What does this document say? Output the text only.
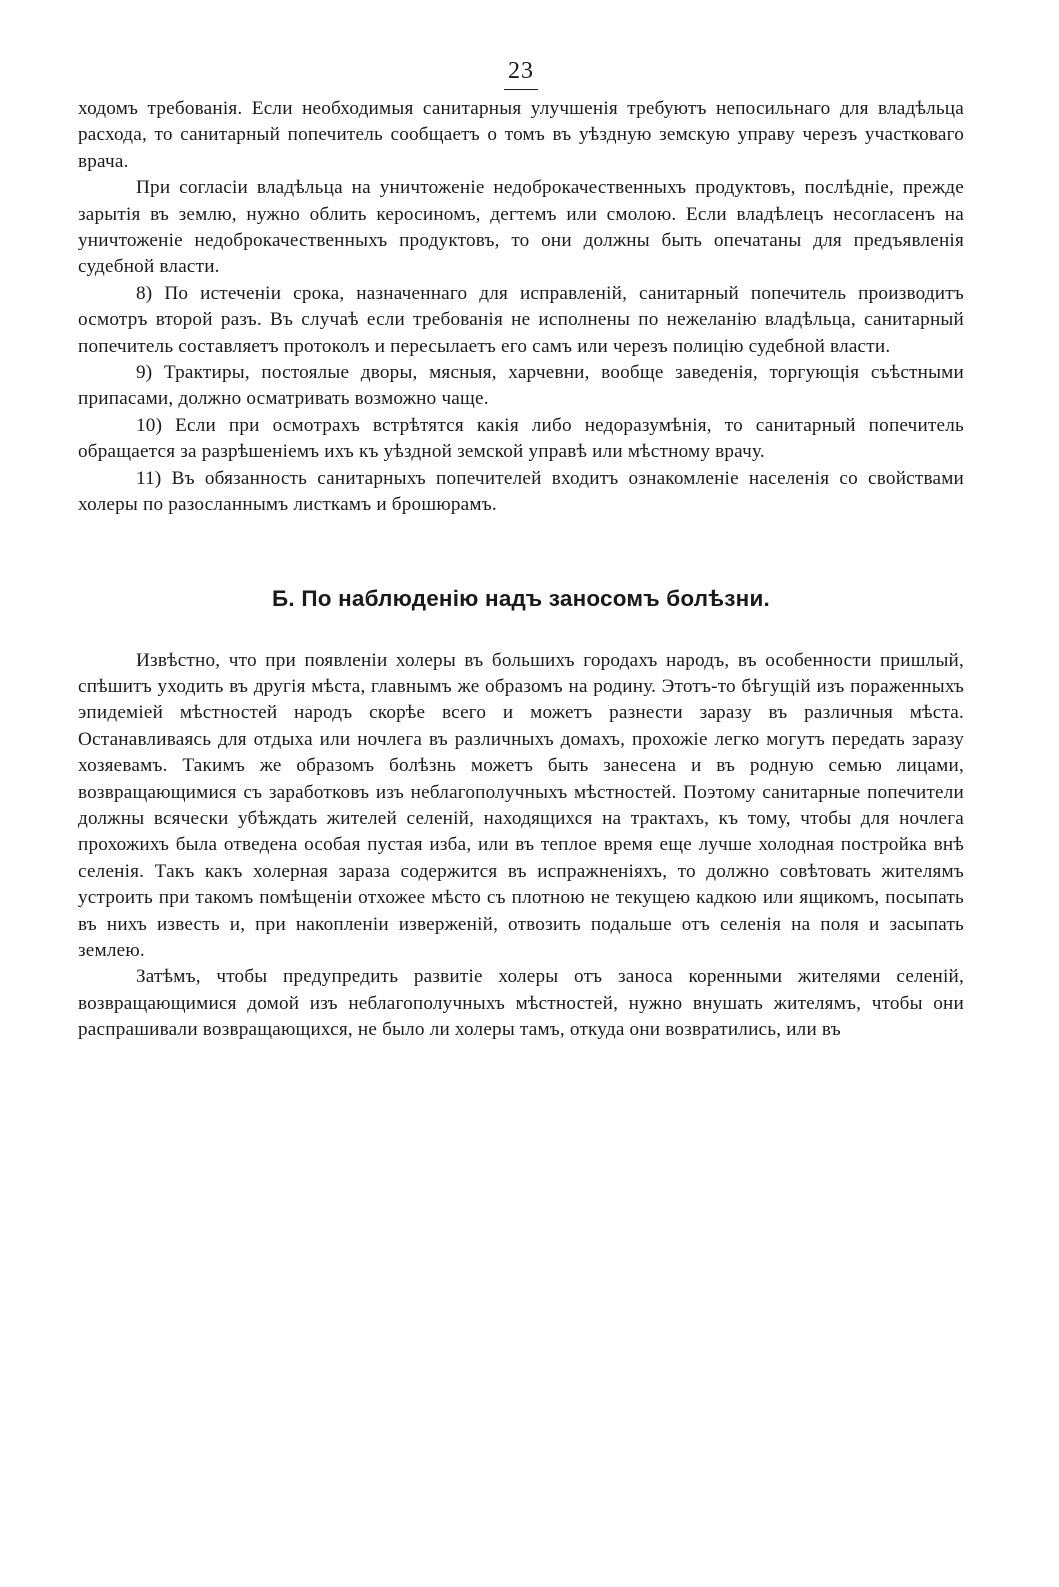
23

ходомъ требованія. Если необходимыя санитарныя улучшенія требуютъ непосильнаго для владѣльца расхода, то санитарный попечитель сообщаетъ о томъ въ уѣздную земскую управу черезъ участковаго врача.

При согласіи владѣльца на уничтоженіе недоброкачественныхъ продуктовъ, послѣдніе, прежде зарытія въ землю, нужно облить керосиномъ, дегтемъ или смолою. Если владѣлецъ несогласенъ на уничтоженіе недоброкачественныхъ продуктовъ, то они должны быть опечатаны для предъявленія судебной власти.

8) По истеченіи срока, назначеннаго для исправленій, санитарный попечитель производитъ осмотръ второй разъ. Въ случаѣ если требованія не исполнены по нежеланію владѣльца, санитарный попечитель составляетъ протоколъ и пересылаетъ его самъ или черезъ полицію судебной власти.

9) Трактиры, постоялые дворы, мясныя, харчевни, вообще заведенія, торгующія съѣстными припасами, должно осматривать возможно чаще.

10) Если при осмотрахъ встрѣтятся какія либо недоразумѣнія, то санитарный попечитель обращается за разрѣшеніемъ ихъ къ уѣздной земской управѣ или мѣстному врачу.

11) Въ обязанность санитарныхъ попечителей входитъ ознакомленіе населенія со свойствами холеры по разосланнымъ листкамъ и брошюрамъ.

Б. По наблюденію надъ заносомъ болѣзни.

Извѣстно, что при появленіи холеры въ большихъ городахъ народъ, въ особенности пришлый, спѣшитъ уходить въ другія мѣста, главнымъ же образомъ на родину. Этотъ-то бѣгущій изъ пораженныхъ эпидеміей мѣстностей народъ скорѣе всего и можетъ разнести заразу въ различныя мѣста. Останавливаясь для отдыха или ночлега въ различныхъ домахъ, прохожіе легко могутъ передать заразу хозяевамъ. Такимъ же образомъ болѣзнь можетъ быть занесена и въ родную семью лицами, возвращающимися съ заработковъ изъ неблагополучныхъ мѣстностей. Поэтому санитарные попечители должны всячески убѣждать жителей селеній, находящихся на трактахъ, къ тому, чтобы для ночлега прохожихъ была отведена особая пустая изба, или въ теплое время еще лучше холодная постройка внѣ селенія. Такъ какъ холерная зараза содержится въ испражненіяхъ, то должно совѣтовать жителямъ устроить при такомъ помѣщеніи отхожее мѣсто съ плотною не текущею кадкою или ящикомъ, посыпать въ нихъ известь и, при накопленіи изверженій, отвозить подальше отъ селенія на поля и засыпать землею.

Затѣмъ, чтобы предупредить развитіе холеры отъ заноса коренными жителями селеній, возвращающимися домой изъ неблагополучныхъ мѣстностей, нужно внушать жителямъ, чтобы они распрашивали возвращающихся, не было ли холеры тамъ, откуда они возвратились, или въ
